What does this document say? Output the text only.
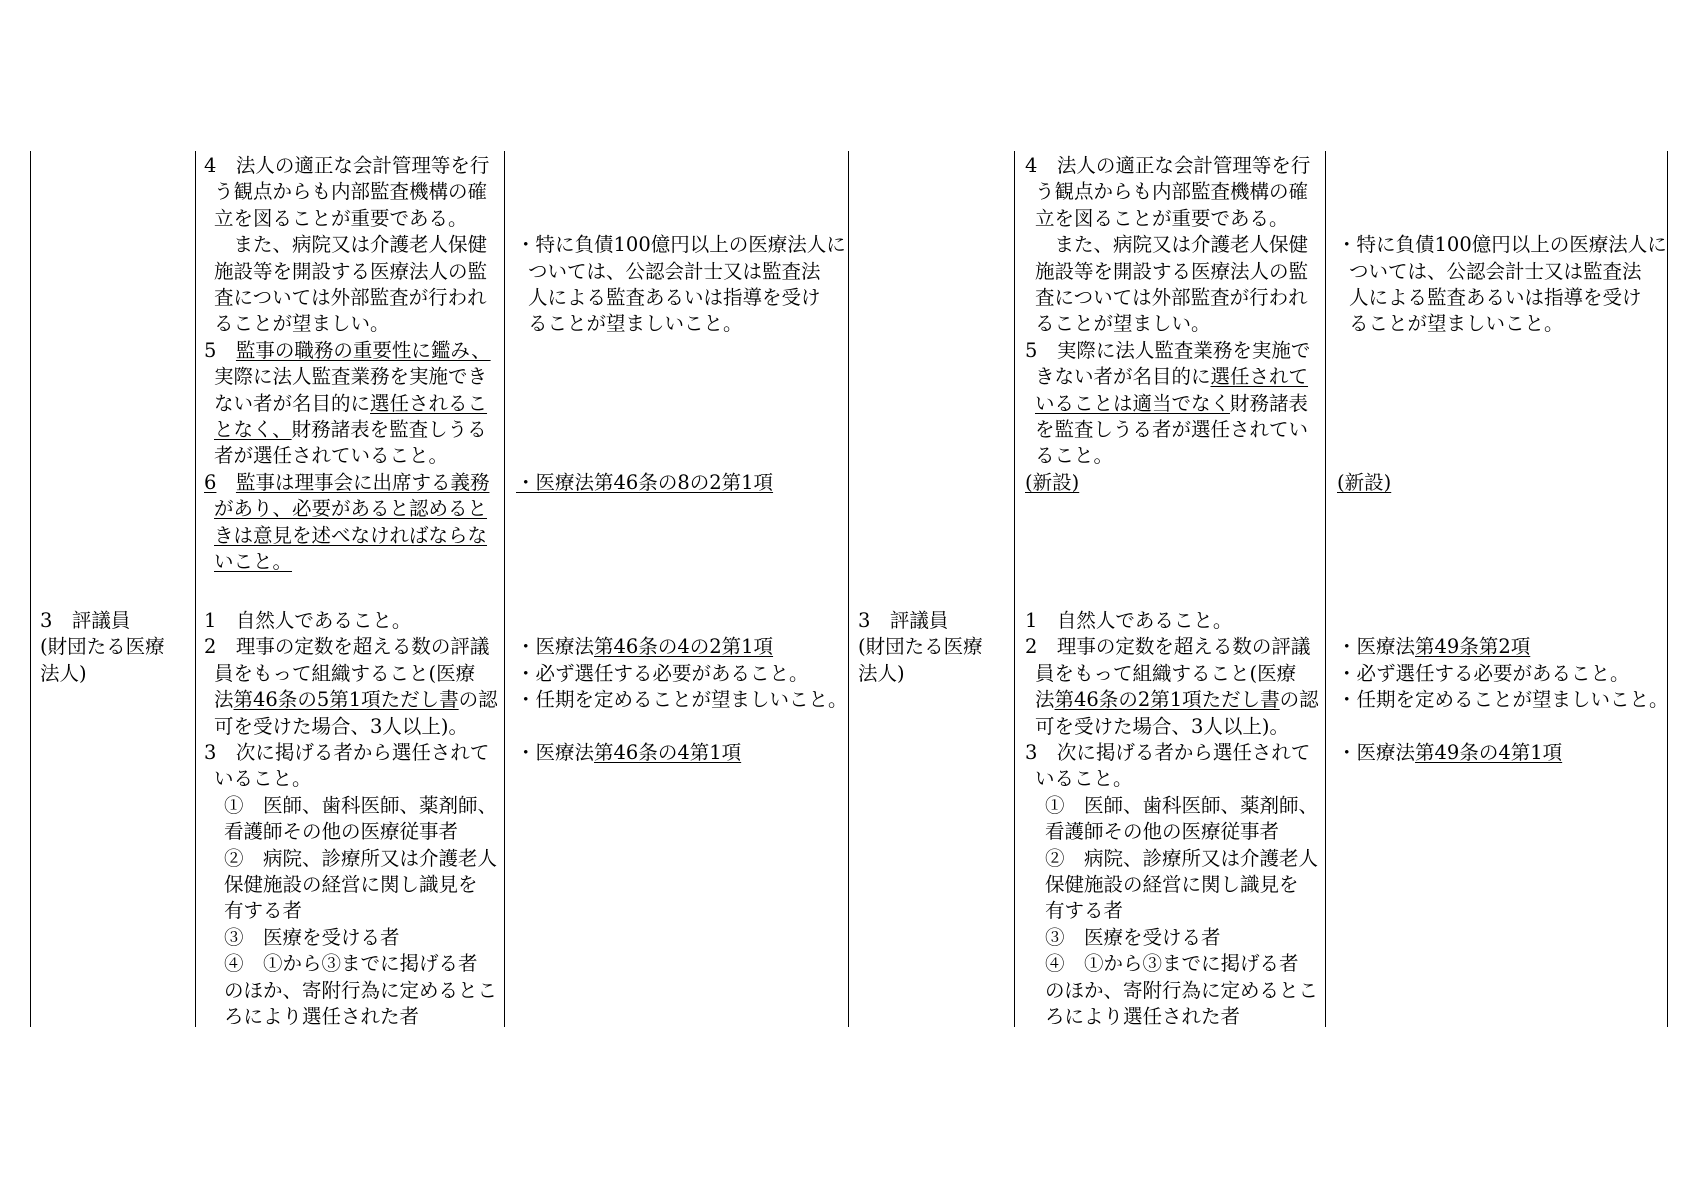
4　法人の適正な会計管理等を行
う観点からも内部監査機構の確
立を図ることが重要である。
　また、病院又は介護老人保健
施設等を開設する医療法人の監
査については外部監査が行われ
ることが望ましい。
5　監事の職務の重要性に鑑み、
実際に法人監査業務を実施でき
ない者が名目的に選任されるこ
となく、財務諸表を監査しうる
者が選任されていること。
6　 監事は理事会に出席する義務
があり、必要があると認めると
きは意見を述べなければならな
いこと。
・特に負債100億円以上の医療法人に
ついては、公認会計士又は監査法
人による監査あるいは指導を受け
ることが望ましいこと。
・医療法第46条の8の2第1項
3　評議員
(財団たる医療
法人)
1　自然人であること。
2　理事の定数を超える数の評議
員をもって組織すること(医療
法第46条の5第1項ただし書の認
可を受けた場合、3人以上)。
3　次に掲げる者から選任されて
いること。
①　医師、歯科医師、薬剤師、
看護師その他の医療従事者
②　病院、診療所又は介護老人
保健施設の経営に関し識見を
有する者
③　医療を受ける者
④　①から③までに掲げる者
のほか、寄附行為に定めるとこ
ろにより選任された者
・医療法第46条の4の2第1項
・必ず選任する必要があること。
・任期を定めることが望ましいこと。
・医療法第46条の4第1項
4　法人の適正な会計管理等を行
う観点からも内部監査機構の確
立を図ることが重要である。
　また、病院又は介護老人保健
施設等を開設する医療法人の監
査については外部監査が行われ
ることが望ましい。
5　実際に法人監査業務を実施で
きない者が名目的に選任されて
いることは適当でなく財務諸表
を監査しうる者が選任されてい
ること。
(新設)
・特に負債100億円以上の医療法人に
ついては、公認会計士又は監査法
人による監査あるいは指導を受け
ることが望ましいこと。
(新設)
3　評議員
(財団たる医療
法人)
1　自然人であること。
2　理事の定数を超える数の評議
員をもって組織すること(医療
法第46条の2第1項ただし書の認
可を受けた場合、3人以上)。
3　次に掲げる者から選任されて
いること。
①　医師、歯科医師、薬剤師、
看護師その他の医療従事者
②　病院、診療所又は介護老人
保健施設の経営に関し識見を
有する者
③　医療を受ける者
④　①から③までに掲げる者
のほか、寄附行為に定めるとこ
ろにより選任された者
・医療法第49条第2項
・必ず選任する必要があること。
・任期を定めることが望ましいこと。
・医療法第49条の4第1項
